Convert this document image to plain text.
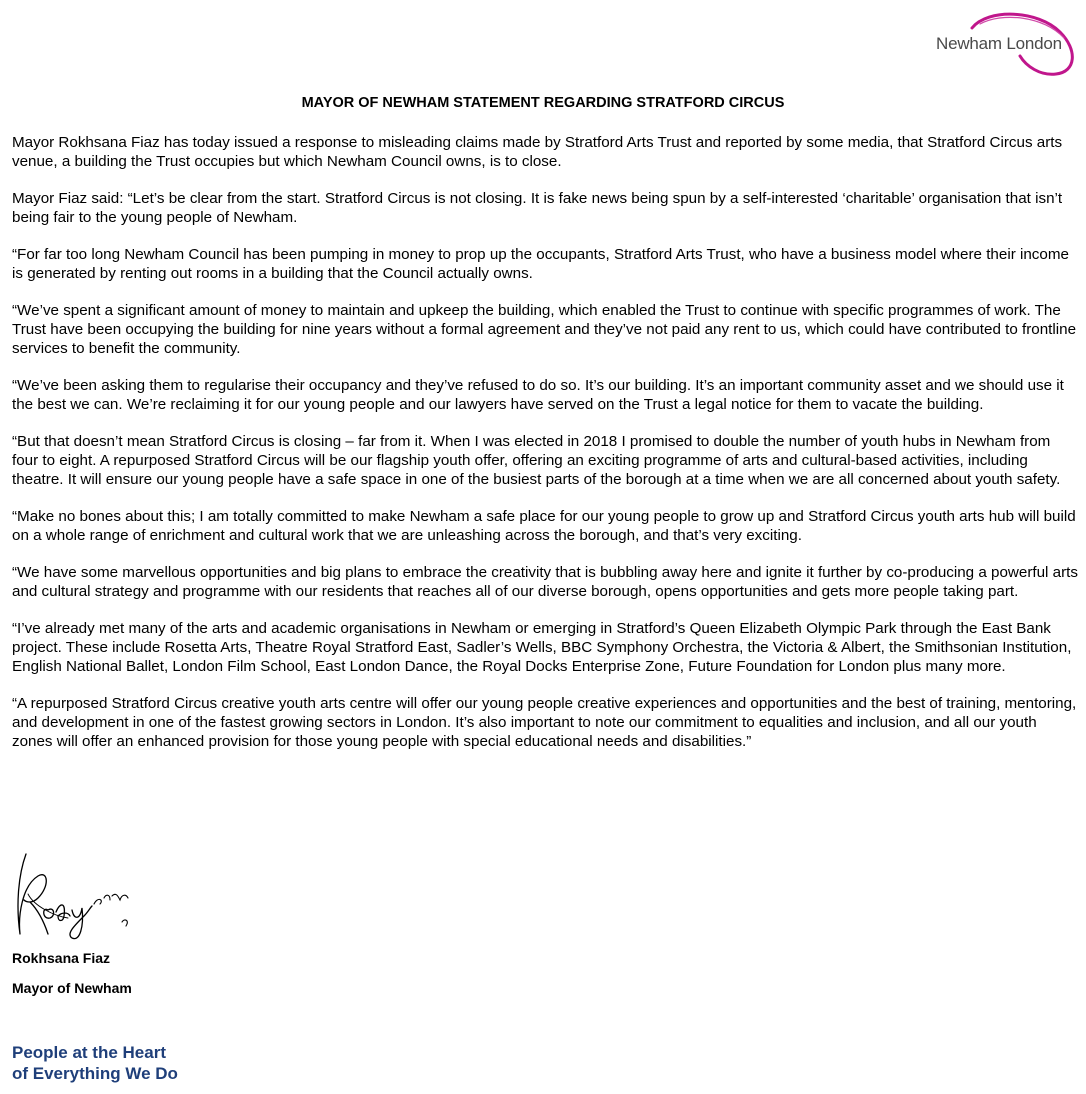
Newham London
MAYOR OF NEWHAM STATEMENT REGARDING STRATFORD CIRCUS

Mayor Rokhsana Fiaz has today issued a response to misleading claims made by Stratford Arts Trust and reported by some media, that Stratford Circus arts venue, a building the Trust occupies but which Newham Council owns, is to close.

Mayor Fiaz said: “Let’s be clear from the start. Stratford Circus is not closing. It is fake news being spun by a self-interested ‘charitable’ organisation that isn’t being fair to the young people of Newham.

“For far too long Newham Council has been pumping in money to prop up the occupants, Stratford Arts Trust, who have a business model where their income is generated by renting out rooms in a building that the Council actually owns.

“We’ve spent a significant amount of money to maintain and upkeep the building, which enabled the Trust to continue with specific programmes of work. The Trust have been occupying the building for nine years without a formal agreement and they’ve not paid any rent to us, which could have contributed to frontline services to benefit the community.

“We’ve been asking them to regularise their occupancy and they’ve refused to do so. It’s our building. It’s an important community asset and we should use it the best we can. We’re reclaiming it for our young people and our lawyers have served on the Trust a legal notice for them to vacate the building.

“But that doesn’t mean Stratford Circus is closing – far from it. When I was elected in 2018 I promised to double the number of youth hubs in Newham from four to eight. A repurposed Stratford Circus will be our flagship youth offer, offering an exciting programme of arts and cultural-based activities, including theatre. It will ensure our young people have a safe space in one of the busiest parts of the borough at a time when we are all concerned about youth safety.

“Make no bones about this; I am totally committed to make Newham a safe place for our young people to grow up and Stratford Circus youth arts hub will build on a whole range of enrichment and cultural work that we are unleashing across the borough, and that’s very exciting.

“We have some marvellous opportunities and big plans to embrace the creativity that is bubbling away here and ignite it further by co-producing a powerful arts and cultural strategy and programme with our residents that reaches all of our diverse borough, opens opportunities and gets more people taking part.

“I’ve already met many of the arts and academic organisations in Newham or emerging in Stratford’s Queen Elizabeth Olympic Park through the East Bank project. These include Rosetta Arts, Theatre Royal Stratford East, Sadler’s Wells, BBC Symphony Orchestra, the Victoria & Albert, the Smithsonian Institution, English National Ballet, London Film School, East London Dance, the Royal Docks Enterprise Zone, Future Foundation for London plus many more.

“A repurposed Stratford Circus creative youth arts centre will offer our young people creative experiences and opportunities and the best of training, mentoring, and development in one of the fastest growing sectors in London. It’s also important to note our commitment to equalities and inclusion, and all our youth zones will offer an enhanced provision for those young people with special educational needs and disabilities.”

Rokhsana Fiaz
Mayor of Newham
People at the Heart
of Everything We Do
